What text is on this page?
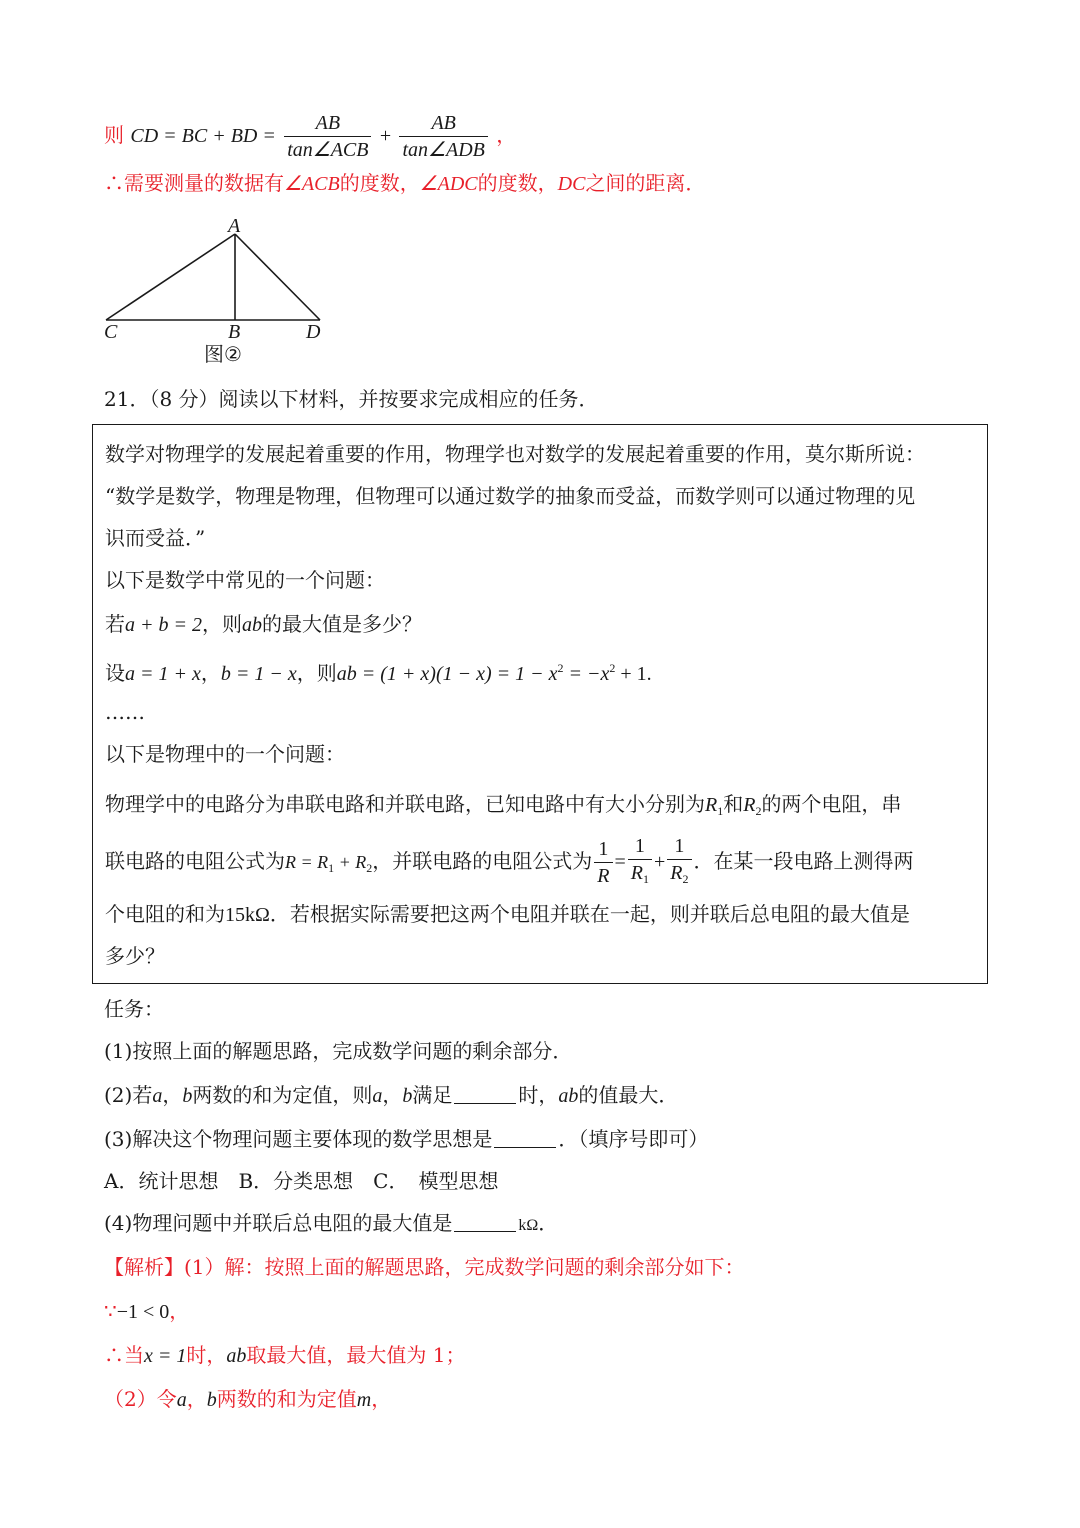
则 CD = BC + BD = $\frac{AB}{\text{tan∠ACB}} + \frac{AB}{\text{tan∠ADB}}$ ，
∴需要测量的数据有∠ACB的度数，∠ADC的度数，DC之间的距离．
A
C	B	D
图②
21．（8 分）阅读以下材料，并按要求完成相应的任务．
数学对物理学的发展起着重要的作用，物理学也对数学的发展起着重要的作用，莫尔斯所说：
“数学是数学，物理是物理，但物理可以通过数学的抽象而受益，而数学则可以通过物理的见
识而受益．”
以下是数学中常见的一个问题：
若a + b = 2，则ab的最大值是多少？
设a = 1 + x，b = 1 − x，则ab = $(1 + x)(1 - x) = 1 - x^2 = -x^2 + 1$.
……
以下是物理中的一个问题：
物理学中的电路分为串联电路和并联电路，已知电路中有大小分别为$R_1$和$R_2$的两个电阻，串
联电路的电阻公式为$R = R_1 + R_2$，并联电路的电阻公式为 $\frac{1}{R} = \frac{1}{R_1} + \frac{1}{R_2}$ ．在某一段电路上测得两
个电阻的和为15kΩ．若根据实际需要把这两个电阻并联在一起，则并联后总电阻的最大值是
多少？
任务：
(1)按照上面的解题思路，完成数学问题的剩余部分．
(2)若a，b两数的和为定值，则a，b满足	时，ab的值最大．
(3)解决这个物理问题主要体现的数学思想是	．（填序号即可）
A．统计思想　B．分类思想　C．　模型思想
(4)物理问题中并联后总电阻的最大值是	kΩ．
【解析】(1）解：按照上面的解题思路，完成数学问题的剩余部分如下：
∵−1 < 0，
∴当x = 1时，ab取最大值，最大值为 1；
（2）令a，b两数的和为定值m，
